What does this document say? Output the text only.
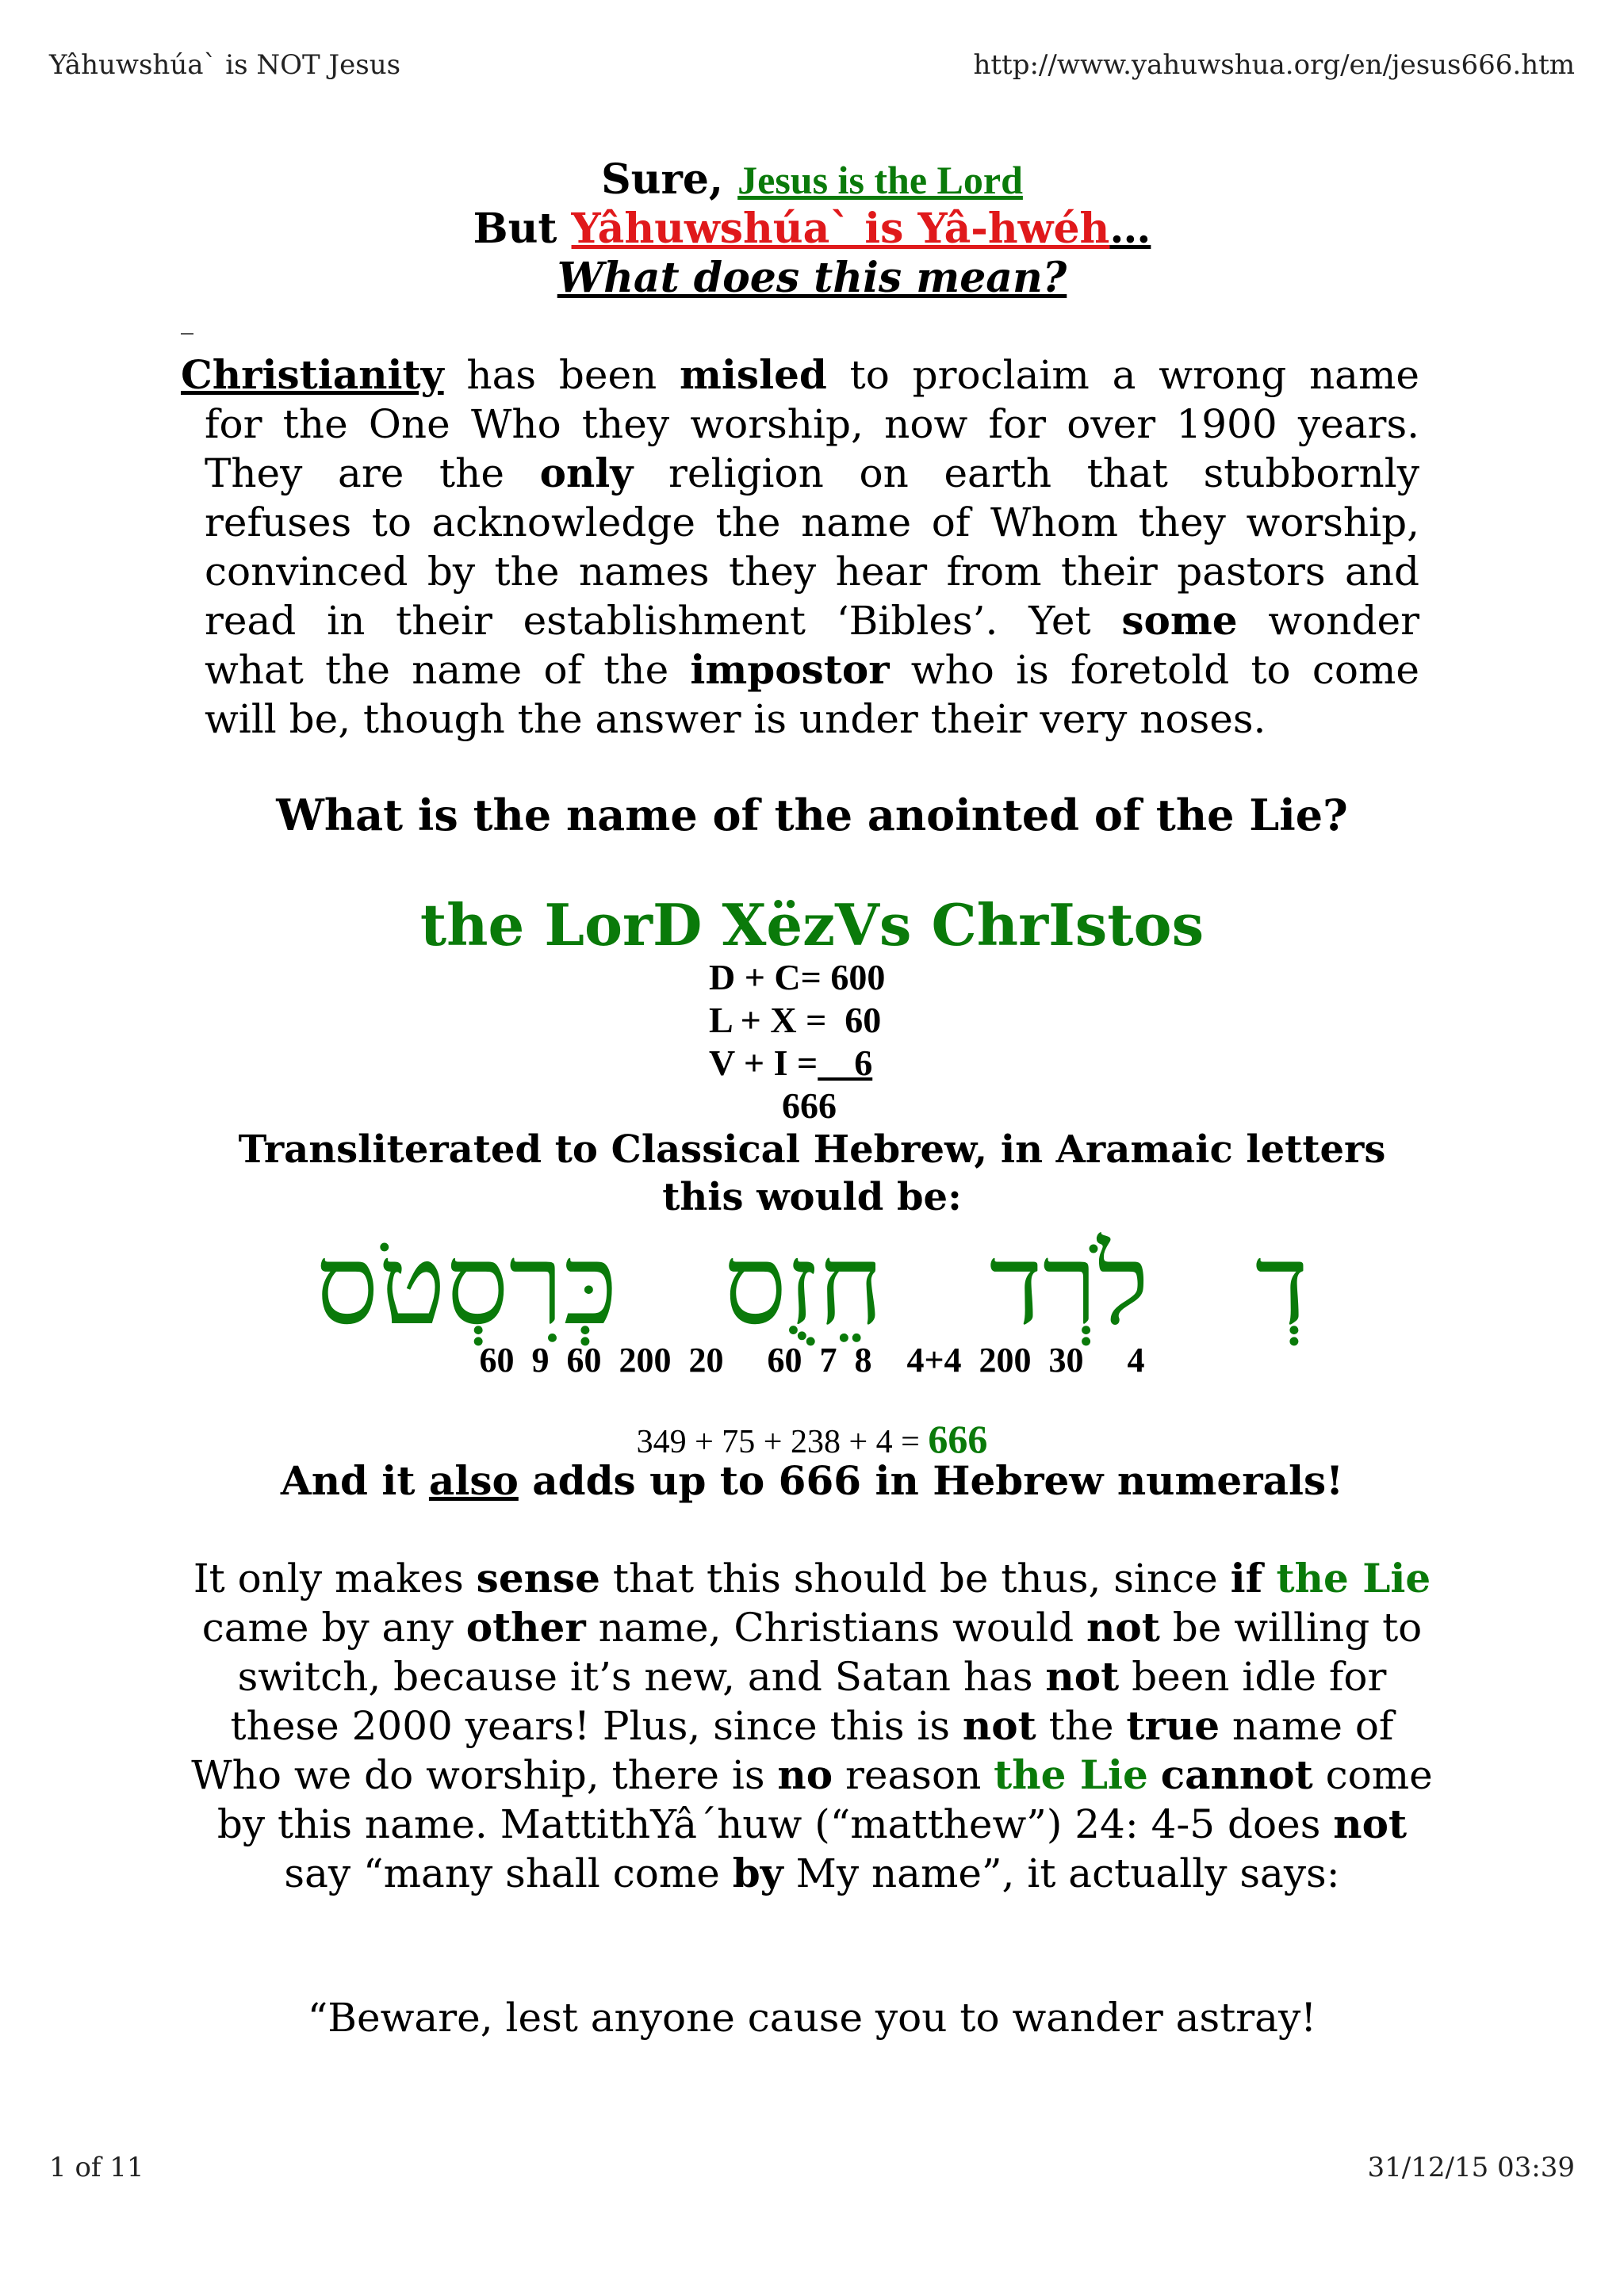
Yâhuwshúa` is NOT Jesus	http://www.yahuwshua.org/en/jesus666.htm
Sure, Jesus is the Lord
But Yâhuwshúa` is Yâ-hwéh…
What does this mean?
Christianity has been misled to proclaim a wrong name
for the One Who they worship, now for over 1900 years.
They are the only religion on earth that stubbornly
refuses to acknowledge the name of Whom they worship,
convinced by the names they hear from their pastors and
read in their establishment ‘Bibles’. Yet some wonder
what the name of the impostor who is foretold to come
will be, though the answer is under their very noses.
What is the name of the anointed of the Lie?
the LorD XëzVs ChrIstos
D + C= 600
L + X =  60
V + I =    6
666
Transliterated to Classical Hebrew, in Aramaic letters
this would be:
כְּרִסְטֹס חֵזֻס לֹרְד דְ
60  9  60  200  20     60  7  8    4+4  200  30     4
349 + 75 + 238 + 4 = 666
And it also adds up to 666 in Hebrew numerals!
It only makes sense that this should be thus, since if the Lie came by any other name, Christians would not be willing to switch, because it’s new, and Satan has not been idle for these 2000 years! Plus, since this is not the true name of Who we do worship, there is no reason the Lie cannot come by this name. MattithYâ´huw (“matthew”) 24: 4-5 does not say “many shall come by My name”, it actually says:
“Beware, lest anyone cause you to wander astray!
1 of 11	31/12/15 03:39
